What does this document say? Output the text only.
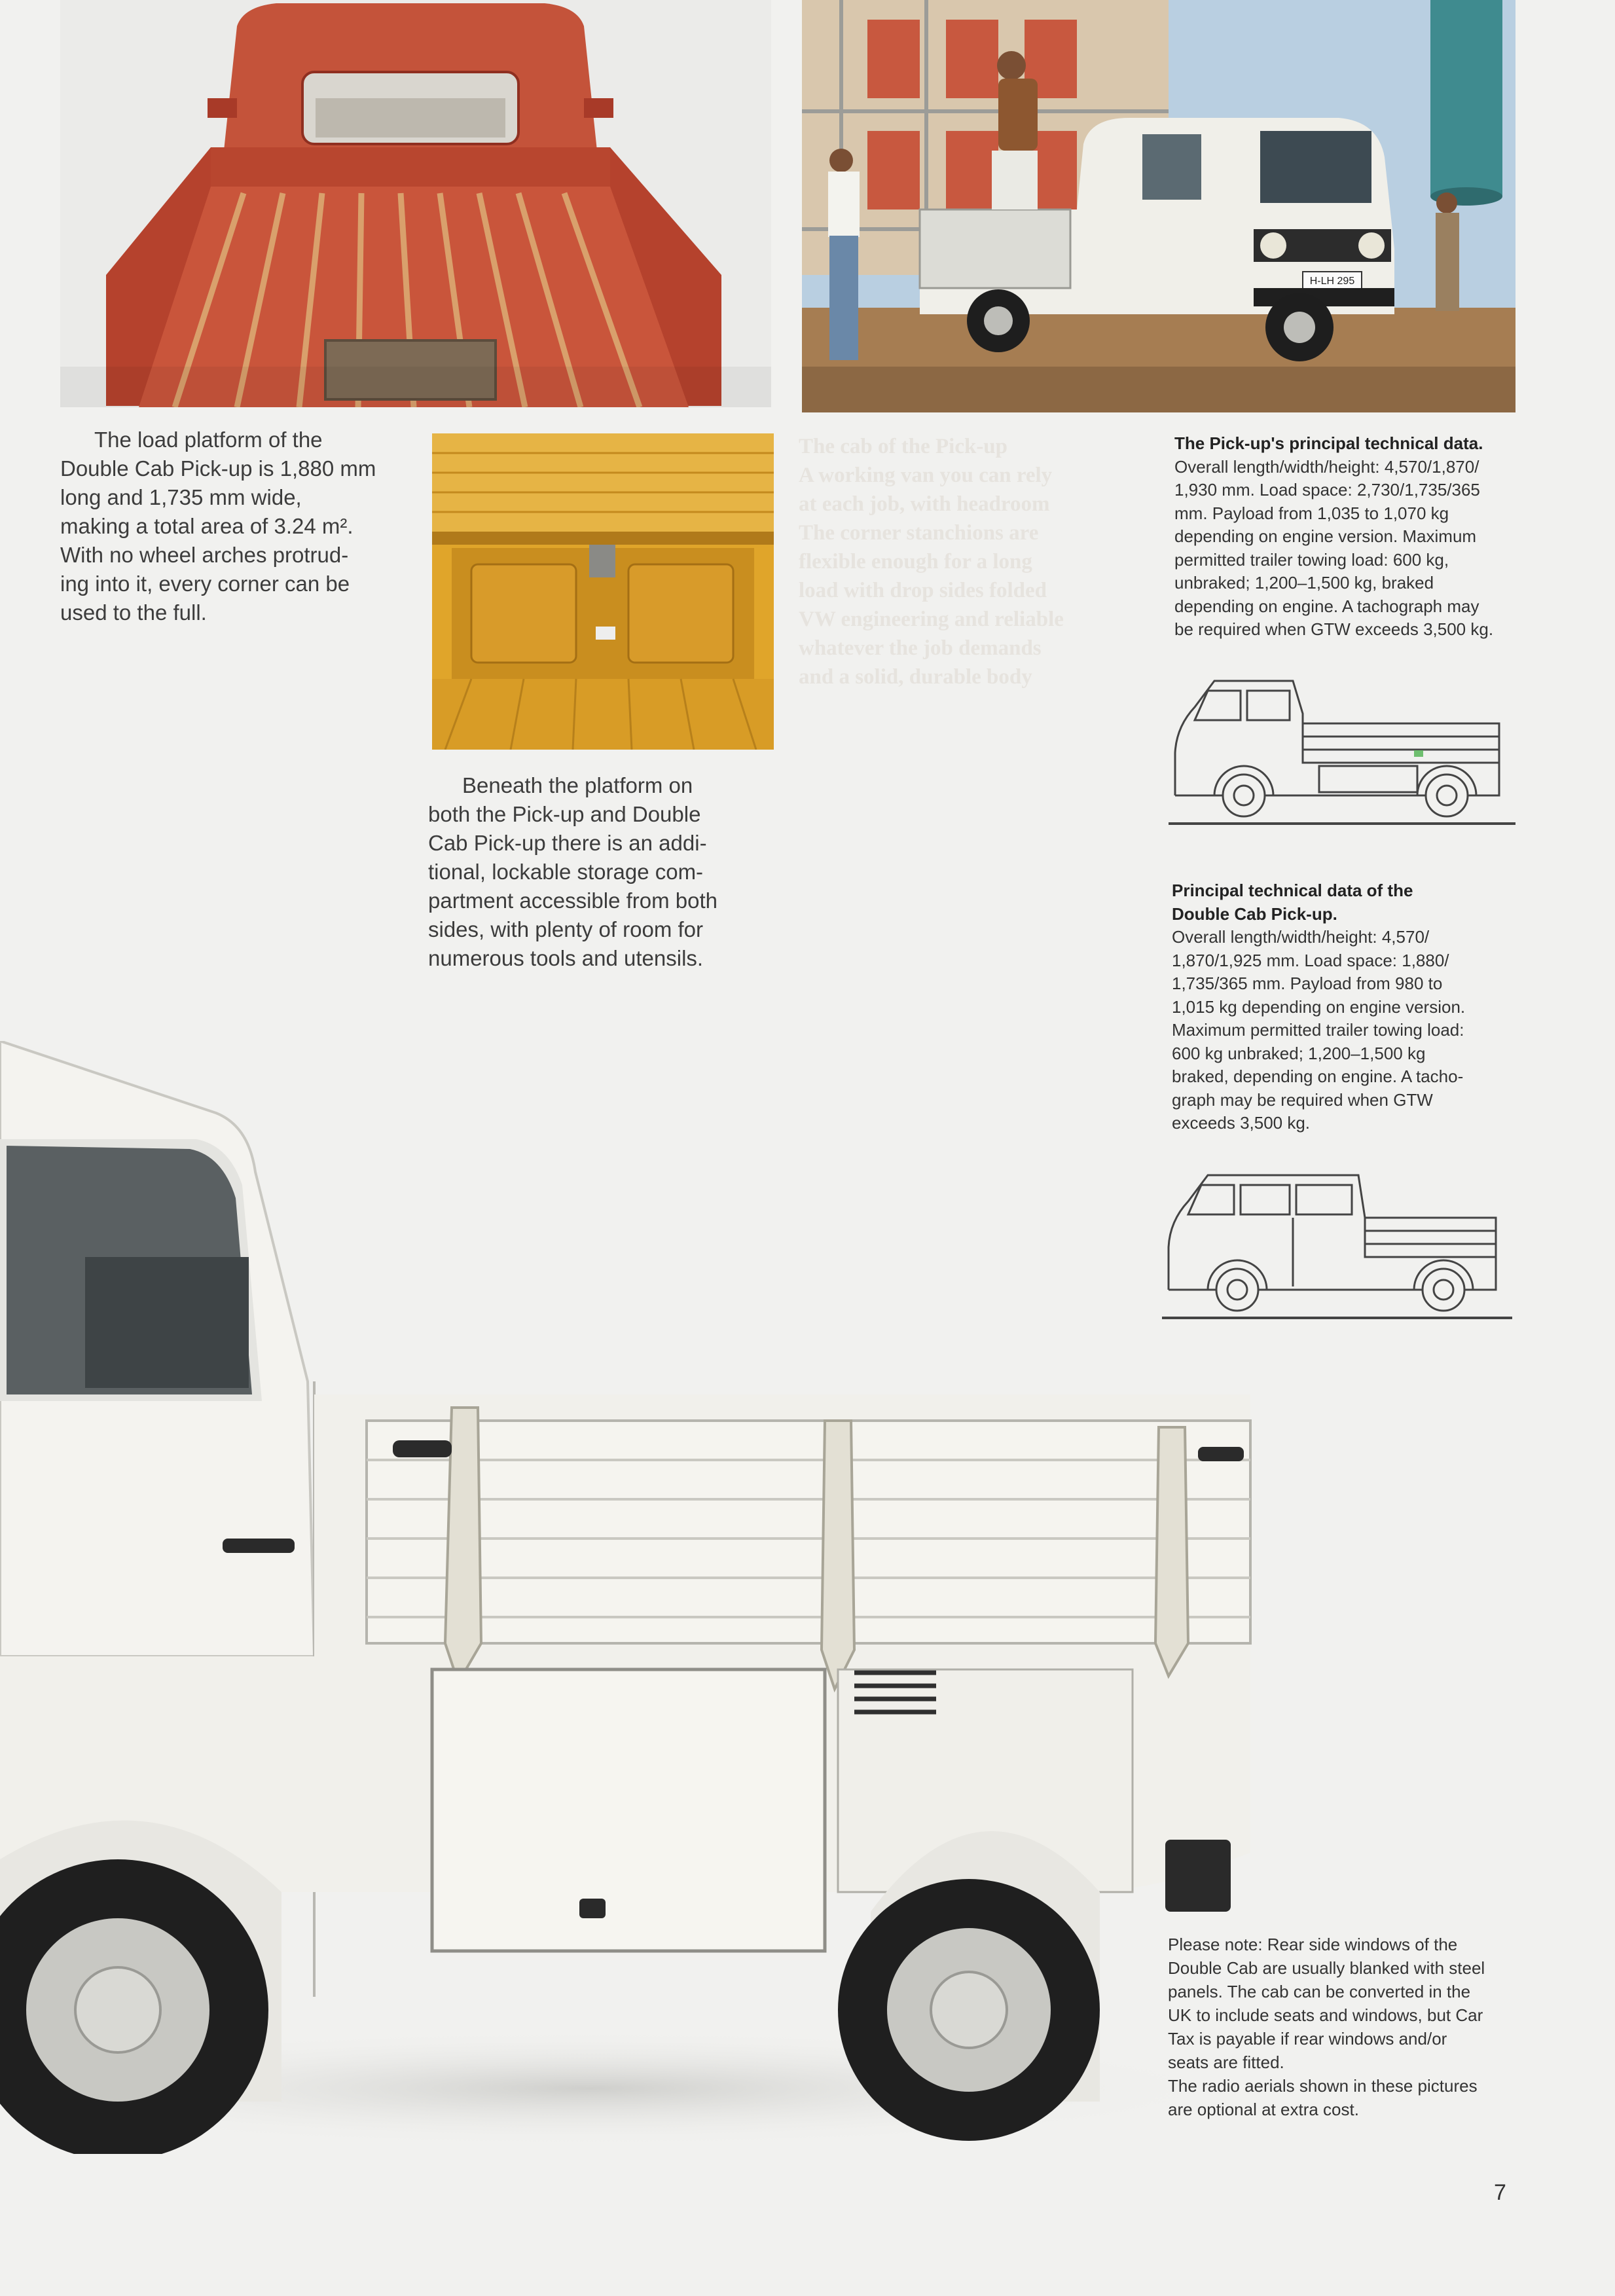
H-LH 295

The cab of the Pick-up

A working van you can rely

at each job, with headroom

The corner stanchions are

flexible enough for a long

load with drop sides folded

VW engineering and reliable

whatever the job demands

and a solid, durable body

The load platform of the

Double Cab Pick-up is 1,880 mm

long and 1,735 mm wide,

making a total area of 3.24 m².

With no wheel arches protrud-

ing into it, every corner can be

used to the full.

Beneath the platform on

both the Pick-up and Double

Cab Pick-up there is an addi-

tional, lockable storage com-

partment accessible from both

sides, with plenty of room for

numerous tools and utensils.

The Pick-up's principal technical data.

Overall length/width/height: 4,570/1,870/

1,930 mm. Load space: 2,730/1,735/365

mm. Payload from 1,035 to 1,070 kg

depending on engine version. Maximum

permitted trailer towing load: 600 kg,

unbraked; 1,200–1,500 kg, braked

depending on engine. A tachograph may

be required when GTW exceeds 3,500 kg.

Principal technical data of the

Double Cab Pick-up.

Overall length/width/height: 4,570/

1,870/1,925 mm. Load space: 1,880/

1,735/365 mm. Payload from 980 to

1,015 kg depending on engine version.

Maximum permitted trailer towing load:

600 kg unbraked; 1,200–1,500 kg

braked, depending on engine. A tacho-

graph may be required when GTW

exceeds 3,500 kg.

Please note: Rear side windows of the

Double Cab are usually blanked with steel

panels. The cab can be converted in the

UK to include seats and windows, but Car

Tax is payable if rear windows and/or

seats are fitted.

The radio aerials shown in these pictures

are optional at extra cost.

7
